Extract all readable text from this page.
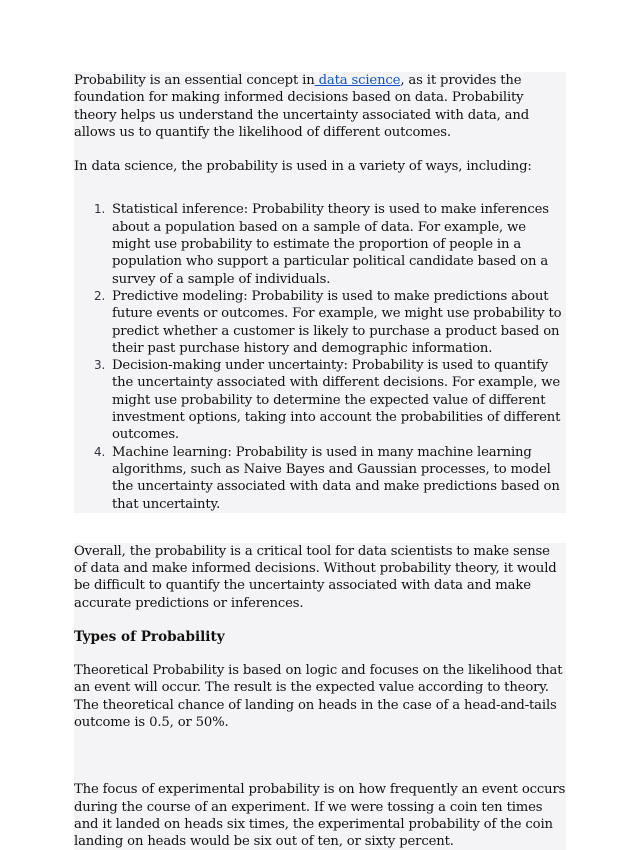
Probability is an essential concept in data science, as it provides the foundation for making informed decisions based on data. Probability theory helps us understand the uncertainty associated with data, and allows us to quantify the likelihood of different outcomes.

In data science, the probability is used in a variety of ways, including:

1. Statistical inference: Probability theory is used to make inferences about a population based on a sample of data. For example, we might use probability to estimate the proportion of people in a population who support a particular political candidate based on a survey of a sample of individuals.
2. Predictive modeling: Probability is used to make predictions about future events or outcomes. For example, we might use probability to predict whether a customer is likely to purchase a product based on their past purchase history and demographic information.
3. Decision-making under uncertainty: Probability is used to quantify the uncertainty associated with different decisions. For example, we might use probability to determine the expected value of different investment options, taking into account the probabilities of different outcomes.
4. Machine learning: Probability is used in many machine learning algorithms, such as Naive Bayes and Gaussian processes, to model the uncertainty associated with data and make predictions based on that uncertainty.

Overall, the probability is a critical tool for data scientists to make sense of data and make informed decisions. Without probability theory, it would be difficult to quantify the uncertainty associated with data and make accurate predictions or inferences.

Types of Probability

Theoretical Probability is based on logic and focuses on the likelihood that an event will occur. The result is the expected value according to theory. The theoretical chance of landing on heads in the case of a head-and-tails outcome is 0.5, or 50%.

The focus of experimental probability is on how frequently an event occurs during the course of an experiment. If we were tossing a coin ten times and it landed on heads six times, the experimental probability of the coin landing on heads would be six out of ten, or sixty percent.
